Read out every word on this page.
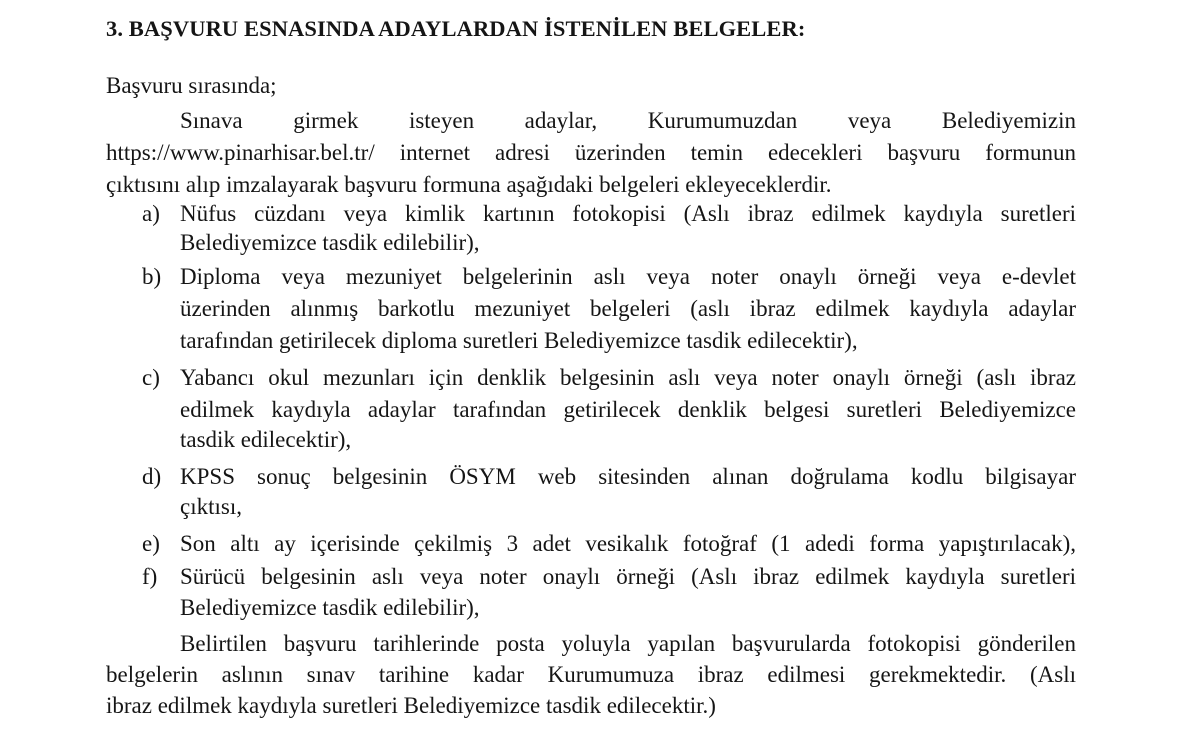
3. BAŞVURU ESNASINDA ADAYLARDAN İSTENİLEN BELGELER:
Başvuru sırasında;
Sınava girmek isteyen adaylar, Kurumumuzdan veya Belediyemizin
https://www.pinarhisar.bel.tr/ internet adresi üzerinden temin edecekleri başvuru formunun
çıktısını alıp imzalayarak başvuru formuna aşağıdaki belgeleri ekleyeceklerdir.
a) Nüfus cüzdanı veya kimlik kartının fotokopisi (Aslı ibraz edilmek kaydıyla suretleri
Belediyemizce tasdik edilebilir),
b) Diploma veya mezuniyet belgelerinin aslı veya noter onaylı örneği veya e-devlet
üzerinden alınmış barkotlu mezuniyet belgeleri (aslı ibraz edilmek kaydıyla adaylar
tarafından getirilecek diploma suretleri Belediyemizce tasdik edilecektir),
c) Yabancı okul mezunları için denklik belgesinin aslı veya noter onaylı örneği (aslı ibraz
edilmek kaydıyla adaylar tarafından getirilecek denklik belgesi suretleri Belediyemizce
tasdik edilecektir),
d) KPSS sonuç belgesinin ÖSYM web sitesinden alınan doğrulama kodlu bilgisayar
çıktısı,
e) Son altı ay içerisinde çekilmiş 3 adet vesikalık fotoğraf (1 adedi forma yapıştırılacak),
f) Sürücü belgesinin aslı veya noter onaylı örneği (Aslı ibraz edilmek kaydıyla suretleri
Belediyemizce tasdik edilebilir),
Belirtilen başvuru tarihlerinde posta yoluyla yapılan başvurularda fotokopisi gönderilen
belgelerin aslının sınav tarihine kadar Kurumumuza ibraz edilmesi gerekmektedir. (Aslı
ibraz edilmek kaydıyla suretleri Belediyemizce tasdik edilecektir.)
